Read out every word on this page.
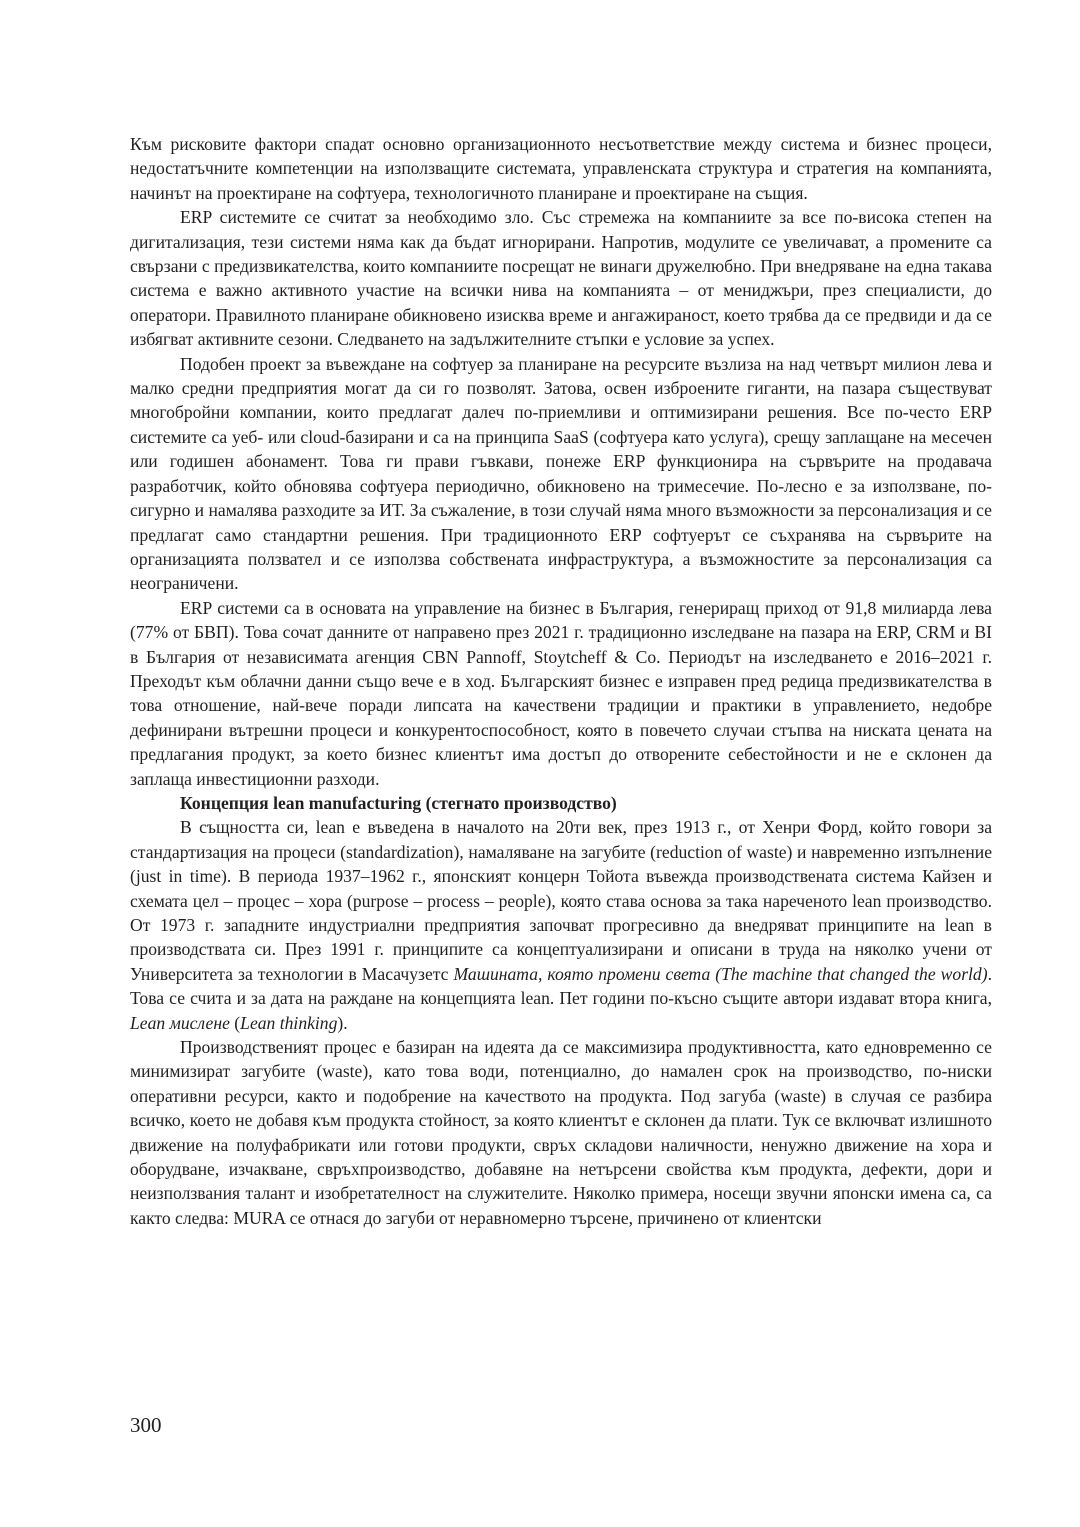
Към рисковите фактори спадат основно организационното несъответствие между система и бизнес процеси, недостатъчните компетенции на използващите системата, управленската структура и стратегия на компанията, начинът на проектиране на софтуера, технологичното планиране и проектиране на същия.

ERP системите се считат за необходимо зло. Със стремежа на компаниите за все по-висока степен на дигитализация, тези системи няма как да бъдат игнорирани. Напротив, модулите се увеличават, а промените са свързани с предизвикателства, които компаниите посрещат не винаги дружелюбно. При внедряване на една такава система е важно активното участие на всички нива на компанията – от мениджъри, през специалисти, до оператори. Правилното планиране обикновено изисква време и ангажираност, което трябва да се предвиди и да се избягват активните сезони. Следването на задължителните стъпки е условие за успех.

Подобен проект за въвеждане на софтуер за планиране на ресурсите възлиза на над четвърт милион лева и малко средни предприятия могат да си го позволят. Затова, освен изброените гиганти, на пазара съществуват многобройни компании, които предлагат далеч по-приемливи и оптимизирани решения. Все по-често ERP системите са уеб- или cloud-базирани и са на принципа SaaS (софтуера като услуга), срещу заплащане на месечен или годишен абонамент. Това ги прави гъвкави, понеже ERP функционира на сървърите на продавача разработчик, който обновява софтуера периодично, обикновено на тримесечие. По-лесно е за използване, по-сигурно и намалява разходите за ИТ. За съжаление, в този случай няма много възможности за персонализация и се предлагат само стандартни решения. При традиционното ERP софтуерът се съхранява на сървърите на организацията ползвател и се използва собствената инфраструктура, а възможностите за персонализация са неограничени.

ERP системи са в основата на управление на бизнес в България, генериращ приход от 91,8 милиарда лева (77% от БВП). Това сочат данните от направено през 2021 г. традиционно изследване на пазара на ERP, CRM и BI в България от независимата агенция CBN Pannoff, Stoytcheff & Co. Периодът на изследването е 2016–2021 г. Преходът към облачни данни също вече е в ход. Българският бизнес е изправен пред редица предизвикателства в това отношение, най-вече поради липсата на качествени традиции и практики в управлението, недобре дефинирани вътрешни процеси и конкурентоспособност, която в повечето случаи стъпва на ниската цената на предлагания продукт, за което бизнес клиентът има достъп до отворените себестойности и не е склонен да заплаща инвестиционни разходи.

Концепция lean manufacturing (стегнато производство)

В същността си, lean е въведена в началото на 20ти век, през 1913 г., от Хенри Форд, който говори за стандартизация на процеси (standardization), намаляване на загубите (reduction of waste) и навременно изпълнение (just in time). В периода 1937–1962 г., японският концерн Тойота въвежда производствената система Кайзен и схемата цел – процес – хора (purpose – process – people), която става основа за така нареченото lean производство. От 1973 г. западните индустриални предприятия започват прогресивно да внедряват принципите на lean в производствата си. През 1991 г. принципите са концептуализирани и описани в труда на няколко учени от Университета за технологии в Масачузетс Машината, която промени света (The machine that changed the world). Това се счита и за дата на раждане на концепцията lean. Пет години по-късно същите автори издават втора книга, Lean мислене (Lean thinking).

Производственият процес е базиран на идеята да се максимизира продуктивността, като едновременно се минимизират загубите (waste), като това води, потенциално, до намален срок на производство, по-ниски оперативни ресурси, както и подобрение на качеството на продукта. Под загуба (waste) в случая се разбира всичко, което не добавя към продукта стойност, за която клиентът е склонен да плати. Тук се включват излишното движение на полуфабрикати или готови продукти, свръх складови наличности, ненужно движение на хора и оборудване, изчакване, свръхпроизводство, добавяне на нетърсени свойства към продукта, дефекти, дори и неизползвания талант и изобретателност на служителите. Няколко примера, носещи звучни японски имена са, са както следва: MURA се отнася до загуби от неравномерно търсене, причинено от клиентски

300
